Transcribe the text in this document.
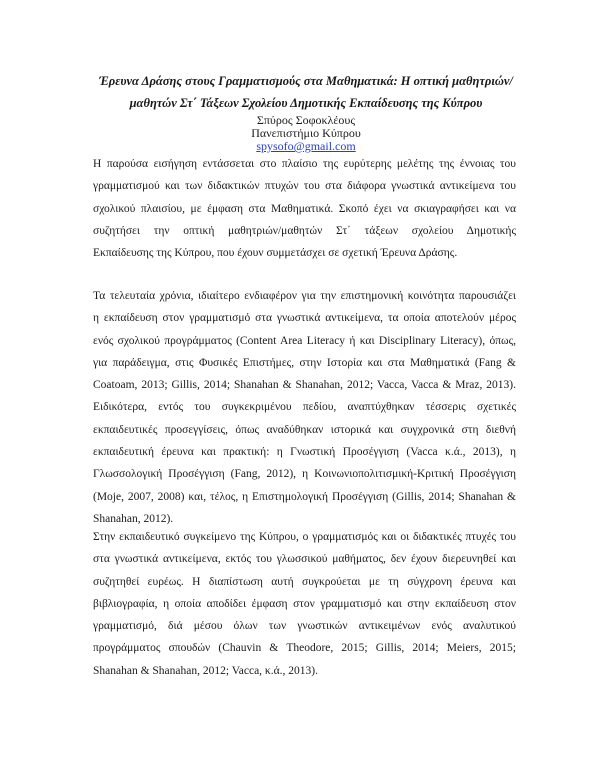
Έρευνα Δράσης στους Γραμματισμούς στα Μαθηματικά: Η οπτική μαθητριών/
μαθητών Στ΄ Τάξεων Σχολείου Δημοτικής Εκπαίδευσης της Κύπρου
Σπύρος Σοφοκλέους
Πανεπιστήμιο Κύπρου
spysofo@gmail.com
Η παρούσα εισήγηση εντάσσεται στο πλαίσιο της ευρύτερης μελέτης της έννοιας του
γραμματισμού και των διδακτικών πτυχών του στα διάφορα γνωστικά αντικείμενα του
σχολικού πλαισίου, με έμφαση στα Μαθηματικά. Σκοπό έχει να σκιαγραφήσει και να
συζητήσει την οπτική μαθητριών/μαθητών Στ΄ τάξεων σχολείου Δημοτικής
Εκπαίδευσης της Κύπρου, που έχουν συμμετάσχει σε σχετική Έρευνα Δράσης.
Τα τελευταία χρόνια, ιδιαίτερο ενδιαφέρον για την επιστημονική κοινότητα παρουσιάζει
η εκπαίδευση στον γραμματισμό στα γνωστικά αντικείμενα, τα οποία αποτελούν μέρος
ενός σχολικού προγράμματος (Content Area Literacy ή και Disciplinary Literacy), όπως,
για παράδειγμα, στις Φυσικές Επιστήμες, στην Ιστορία και στα Μαθηματικά (Fang &
Coatoam, 2013; Gillis, 2014; Shanahan & Shanahan, 2012; Vacca, Vacca & Mraz, 2013).
Ειδικότερα, εντός του συγκεκριμένου πεδίου, αναπτύχθηκαν τέσσερις σχετικές
εκπαιδευτικές προσεγγίσεις, όπως αναδύθηκαν ιστορικά και συγχρονικά στη διεθνή
εκπαιδευτική έρευνα και πρακτική: η Γνωστική Προσέγγιση (Vacca κ.ά., 2013), η
Γλωσσολογική Προσέγγιση (Fang, 2012), η Κοινωνιοπολιτισμική-Κριτική Προσέγγιση
(Moje, 2007, 2008) και, τέλος, η Επιστημολογική Προσέγγιση (Gillis, 2014; Shanahan &
Shanahan, 2012).
Στην εκπαιδευτικό συγκείμενο της Κύπρου, ο γραμματισμός και οι διδακτικές πτυχές του
στα γνωστικά αντικείμενα, εκτός του γλωσσικού μαθήματος, δεν έχουν διερευνηθεί και
συζητηθεί ευρέως. Η διαπίστωση αυτή συγκρούεται με τη σύγχρονη έρευνα και
βιβλιογραφία, η οποία αποδίδει έμφαση στον γραμματισμό και στην εκπαίδευση στον
γραμματισμό, διά μέσου όλων των γνωστικών αντικειμένων ενός αναλυτικού
προγράμματος σπουδών (Chauvin & Theodore, 2015; Gillis, 2014; Meiers, 2015;
Shanahan & Shanahan, 2012; Vacca, κ.ά., 2013).
